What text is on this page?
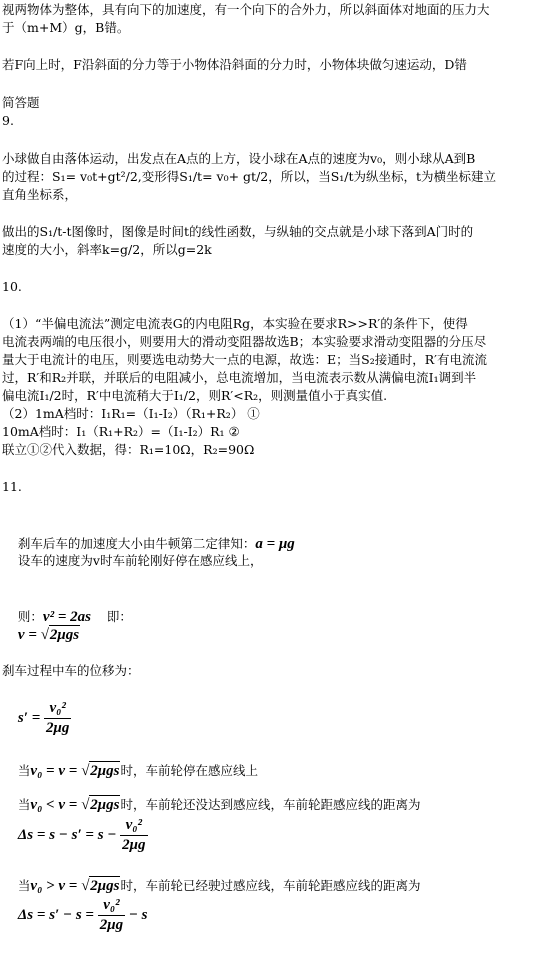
视两物体为整体，具有向下的加速度，有一个向下的合外力，所以斜面体对地面的压力大
于（m+M）g，B错。
若F向上时，F沿斜面的分力等于小物体沿斜面的分力时，小物体块做匀速运动，D错
简答题
9.
小球做自由落体运动，出发点在A点的上方，设小球在A点的速度为v₀，则小球从A到B
的过程：S₁= v₀t+gt²/2,变形得S₁/t= v₀+ gt/2，所以，当S₁/t为纵坐标，t为横坐标建立
直角坐标系，
做出的S₁/t-t图像时，图像是时间t的线性函数，与纵轴的交点就是小球下落到A门时的
速度的大小，斜率k=g/2，所以g=2k
10.
（1）“半偏电流法”测定电流表G的内电阻Rg，本实验在要求R>>R′的条件下，使得
电流表两端的电压很小，则要用大的滑动变阻器故选B；本实验要求滑动变阻器的分压尽
量大于电流计的电压，则要选电动势大一点的电源，故选：E；当S₂接通时，R′有电流流
过，R′和R₂并联，并联后的电阻减小，总电流增加，当电流表示数从满偏电流I₁调到半
偏电流I₁/2时，R′中电流稍大于I₁/2，则R′<R₂，则测量值小于真实值.
（2）1mA档时：I₁R₁=（I₁-I₂）（R₁+R₂） ①
10mA档时：I₁（R₁+R₂）=（I₁-I₂）R₁ ②
联立①②代入数据，得：R₁=10Ω，R₂=90Ω
11.

刹车后车的加速度大小由牛顿第二定律知：a = μg

设车的速度为v时车前轮刚好停在感应线上，

则：v² = 2as    即：

v = √2μgs

刹车过程中车的位移为：

$s' = \frac{\text{v₀²}}{2\mu g}$

当v₀ = v = √2μgs时，车前轮停在感应线上

当v₀ < v = √2μgs时，车前轮还没达到感应线，车前轮距感应线的距离为

$\Delta s = s - s' = s - \frac{\text{v₀²}}{2\mu g}$

当v₀ > v = √2μgs时，车前轮已经驶过感应线，车前轮距感应线的距离为

$\Delta s = s' - s = \frac{\text{v₀²}}{2\mu g} - s$
